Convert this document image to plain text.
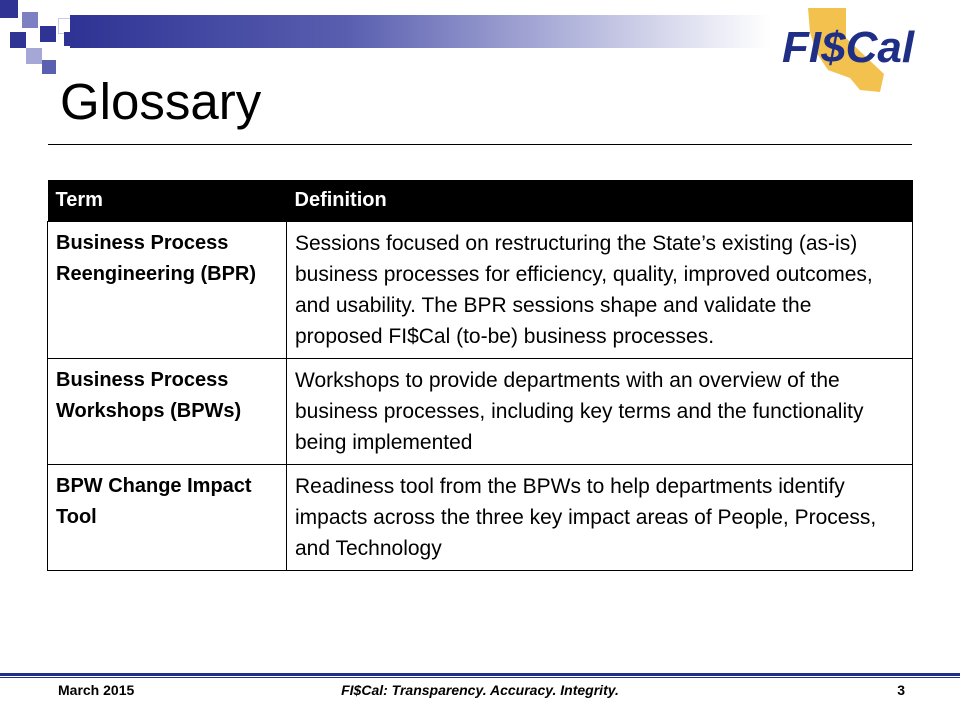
FI$Cal
Glossary
Term	Definition
Business Process Reengineering (BPR)	Sessions focused on restructuring the State’s existing (as-is) business processes for efficiency, quality, improved outcomes, and usability. The BPR sessions shape and validate the proposed FI$Cal (to-be) business processes.
Business Process Workshops (BPWs)	Workshops to provide departments with an overview of the business processes, including key terms and the functionality being implemented
BPW Change Impact Tool	Readiness tool from the BPWs to help departments identify impacts across the three key impact areas of People, Process, and Technology
March 2015	FI$Cal: Transparency. Accuracy. Integrity.	3
